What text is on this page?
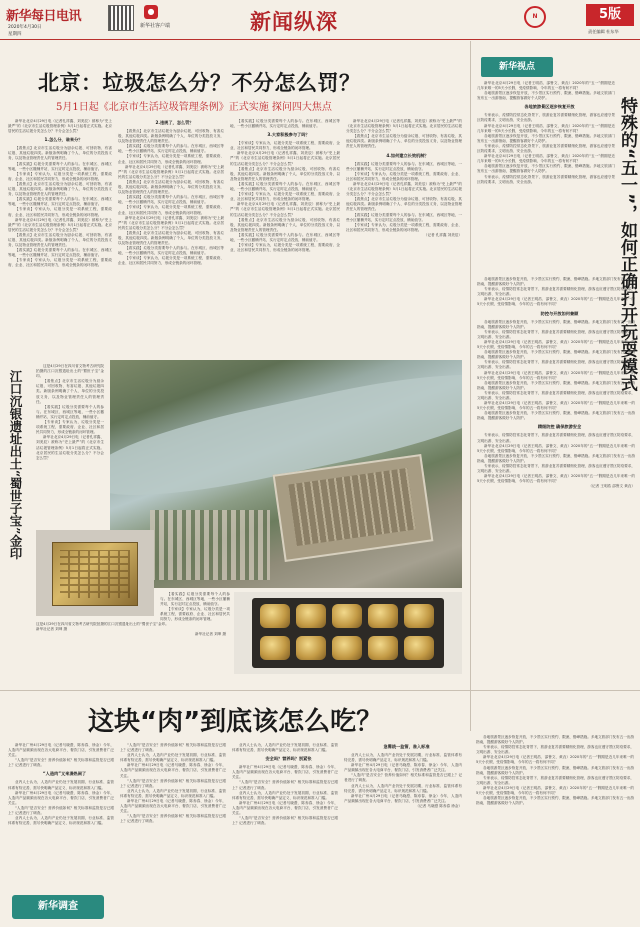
新华每日电讯
2020年4月30日
星期四
新华社客户端
●	新闻纵深	N	5版
责任编辑 杜东华
北京：垃圾怎么分？不分怎么罚？
5月1日起《北京市生活垃圾管理条例》正式实施 探问四大焦点

新华社北京4月29日电（记者孔祥鑫、刘美辰）被称为“史上最严”的《北京市生活垃圾管理条例》5月1日起将正式实施。北京居民的生活垃圾分类怎么分？不分会怎么罚？

1.怎么分，谁来分？

【看焦点】北京市生活垃圾分为厨余垃圾、可回收物、有害垃圾、其他垃圾四类。新版条例明确了个人、单位的分类投放义务，以及物业管理责任人的管理责任。

【看实践】垃圾分类需要每个人的参与。在东城区、西城区等地，一些小区撤桶并站，实行定时定点投放，桶前值守。

【专家谈】专家认为，垃圾分类是一项系统工程，需要政府、企业、社区和居民共同努力，形成全链条的闭环管理。

【看焦点】北京市生活垃圾分为厨余垃圾、可回收物、有害垃圾、其他垃圾四类。新版条例明确了个人、单位的分类投放义务，以及物业管理责任人的管理责任。

【看实践】垃圾分类需要每个人的参与。在东城区、西城区等地，一些小区撤桶并站，实行定时定点投放，桶前值守。

【专家谈】专家认为，垃圾分类是一项系统工程，需要政府、企业、社区和居民共同努力，形成全链条的闭环管理。

新华社北京4月29日电（记者孔祥鑫、刘美辰）被称为“史上最严”的《北京市生活垃圾管理条例》5月1日起将正式实施。北京居民的生活垃圾分类怎么分？不分会怎么罚？

【看焦点】北京市生活垃圾分为厨余垃圾、可回收物、有害垃圾、其他垃圾四类。新版条例明确了个人、单位的分类投放义务，以及物业管理责任人的管理责任。

【看实践】垃圾分类需要每个人的参与。在东城区、西城区等地，一些小区撤桶并站，实行定时定点投放，桶前值守。

【专家谈】专家认为，垃圾分类是一项系统工程，需要政府、企业、社区和居民共同努力，形成全链条的闭环管理。

2.违规了，怎么罚？

【看焦点】北京市生活垃圾分为厨余垃圾、可回收物、有害垃圾、其他垃圾四类。新版条例明确了个人、单位的分类投放义务，以及物业管理责任人的管理责任。

【看实践】垃圾分类需要每个人的参与。在东城区、西城区等地，一些小区撤桶并站，实行定时定点投放，桶前值守。

【专家谈】专家认为，垃圾分类是一项系统工程，需要政府、企业、社区和居民共同努力，形成全链条的闭环管理。

新华社北京4月29日电（记者孔祥鑫、刘美辰）被称为“史上最严”的《北京市生活垃圾管理条例》5月1日起将正式实施。北京居民的生活垃圾分类怎么分？不分会怎么罚？

【看焦点】北京市生活垃圾分为厨余垃圾、可回收物、有害垃圾、其他垃圾四类。新版条例明确了个人、单位的分类投放义务，以及物业管理责任人的管理责任。

【看实践】垃圾分类需要每个人的参与。在东城区、西城区等地，一些小区撤桶并站，实行定时定点投放，桶前值守。

【专家谈】专家认为，垃圾分类是一项系统工程，需要政府、企业、社区和居民共同努力，形成全链条的闭环管理。

新华社北京4月29日电（记者孔祥鑫、刘美辰）被称为“史上最严”的《北京市生活垃圾管理条例》5月1日起将正式实施。北京居民的生活垃圾分类怎么分？不分会怎么罚？

【看焦点】北京市生活垃圾分为厨余垃圾、可回收物、有害垃圾、其他垃圾四类。新版条例明确了个人、单位的分类投放义务，以及物业管理责任人的管理责任。

【看实践】垃圾分类需要每个人的参与。在东城区、西城区等地，一些小区撤桶并站，实行定时定点投放，桶前值守。

【专家谈】专家认为，垃圾分类是一项系统工程，需要政府、企业、社区和居民共同努力，形成全链条的闭环管理。

【看实践】垃圾分类需要每个人的参与。在东城区、西城区等地，一些小区撤桶并站，实行定时定点投放，桶前值守。

3.大家积极参与了吗？

【专家谈】专家认为，垃圾分类是一项系统工程，需要政府、企业、社区和居民共同努力，形成全链条的闭环管理。

新华社北京4月29日电（记者孔祥鑫、刘美辰）被称为“史上最严”的《北京市生活垃圾管理条例》5月1日起将正式实施。北京居民的生活垃圾分类怎么分？不分会怎么罚？

【看焦点】北京市生活垃圾分为厨余垃圾、可回收物、有害垃圾、其他垃圾四类。新版条例明确了个人、单位的分类投放义务，以及物业管理责任人的管理责任。

【看实践】垃圾分类需要每个人的参与。在东城区、西城区等地，一些小区撤桶并站，实行定时定点投放，桶前值守。

【专家谈】专家认为，垃圾分类是一项系统工程，需要政府、企业、社区和居民共同努力，形成全链条的闭环管理。

新华社北京4月29日电（记者孔祥鑫、刘美辰）被称为“史上最严”的《北京市生活垃圾管理条例》5月1日起将正式实施。北京居民的生活垃圾分类怎么分？不分会怎么罚？

【看焦点】北京市生活垃圾分为厨余垃圾、可回收物、有害垃圾、其他垃圾四类。新版条例明确了个人、单位的分类投放义务，以及物业管理责任人的管理责任。

【看实践】垃圾分类需要每个人的参与。在东城区、西城区等地，一些小区撤桶并站，实行定时定点投放，桶前值守。

【专家谈】专家认为，垃圾分类是一项系统工程，需要政府、企业、社区和居民共同努力，形成全链条的闭环管理。

新华社北京4月29日电（记者孔祥鑫、刘美辰）被称为“史上最严”的《北京市生活垃圾管理条例》5月1日起将正式实施。北京居民的生活垃圾分类怎么分？不分会怎么罚？

【看焦点】北京市生活垃圾分为厨余垃圾、可回收物、有害垃圾、其他垃圾四类。新版条例明确了个人、单位的分类投放义务，以及物业管理责任人的管理责任。

4.如何建立长效机制？

【看实践】垃圾分类需要每个人的参与。在东城区、西城区等地，一些小区撤桶并站，实行定时定点投放，桶前值守。

【专家谈】专家认为，垃圾分类是一项系统工程，需要政府、企业、社区和居民共同努力，形成全链条的闭环管理。

新华社北京4月29日电（记者孔祥鑫、刘美辰）被称为“史上最严”的《北京市生活垃圾管理条例》5月1日起将正式实施。北京居民的生活垃圾分类怎么分？不分会怎么罚？

【看焦点】北京市生活垃圾分为厨余垃圾、可回收物、有害垃圾、其他垃圾四类。新版条例明确了个人、单位的分类投放义务，以及物业管理责任人的管理责任。

【看实践】垃圾分类需要每个人的参与。在东城区、西城区等地，一些小区撤桶并站，实行定时定点投放，桶前值守。

【专家谈】专家认为，垃圾分类是一项系统工程，需要政府、企业、社区和居民共同努力，形成全链条的闭环管理。

（记者 孔祥鑫 刘美辰）

江口沉银遗址出土“蜀世子宝”金印

这是4月29日在四川省文物考古研究院拍摄的江口沉银遗址出土的“蜀世子宝”金印。

【看焦点】北京市生活垃圾分为厨余垃圾、可回收物、有害垃圾、其他垃圾四类。新版条例明确了个人、单位的分类投放义务，以及物业管理责任人的管理责任。

【看实践】垃圾分类需要每个人的参与。在东城区、西城区等地，一些小区撤桶并站，实行定时定点投放，桶前值守。

【专家谈】专家认为，垃圾分类是一项系统工程，需要政府、企业、社区和居民共同努力，形成全链条的闭环管理。

新华社北京4月29日电（记者孔祥鑫、刘美辰）被称为“史上最严”的《北京市生活垃圾管理条例》5月1日起将正式实施。北京居民的生活垃圾分类怎么分？不分会怎么罚？

这是4月29日在四川省文物考古研究院拍摄的江口沉银遗址出土的“蜀世子宝”金印。

新华社记者 刘坤 摄

新华社记者 刘坤 摄

【看实践】垃圾分类需要每个人的参与。在东城区、西城区等地，一些小区撤桶并站，实行定时定点投放，桶前值守。

【专家谈】专家认为，垃圾分类是一项系统工程，需要政府、企业、社区和居民共同努力，形成全链条的闭环管理。

新华视点
特殊的“五一”，如何正确打开玩耍模式

新华社北京4月29日电（记者王明浩、邵鲁文、黄垚）2020年的“五一”假期是近几年来唯一的5天小长假，受疫情影响，今年的五一将有何不同？

各地旅游景区逐步恢复开放，不少景区实行预约、限流、错峰措施。多地文旅部门发布五一出游指南，提醒游客做好个人防护。

各地旅游景区逐步恢复开放

专家表示，疫情防控常态化背景下，旅游业复苏需要精细化管理，游客也应遵守景区防疫要求，文明出游、安全出游。

新华社北京4月29日电（记者王明浩、邵鲁文、黄垚）2020年的“五一”假期是近几年来唯一的5天小长假，受疫情影响，今年的五一将有何不同？

各地旅游景区逐步恢复开放，不少景区实行预约、限流、错峰措施。多地文旅部门发布五一出游指南，提醒游客做好个人防护。

专家表示，疫情防控常态化背景下，旅游业复苏需要精细化管理，游客也应遵守景区防疫要求，文明出游、安全出游。

新华社北京4月29日电（记者王明浩、邵鲁文、黄垚）2020年的“五一”假期是近几年来唯一的5天小长假，受疫情影响，今年的五一将有何不同？

各地旅游景区逐步恢复开放，不少景区实行预约、限流、错峰措施。多地文旅部门发布五一出游指南，提醒游客做好个人防护。

专家表示，疫情防控常态化背景下，旅游业复苏需要精细化管理，游客也应遵守景区防疫要求，文明出游、安全出游。

各地旅游景区逐步恢复开放，不少景区实行预约、限流、错峰措施。多地文旅部门发布五一出游指南，提醒游客做好个人防护。

专家表示，疫情防控常态化背景下，旅游业复苏需要精细化管理，游客也应遵守景区防疫要求，文明出游、安全出游。

新华社北京4月29日电（记者王明浩、邵鲁文、黄垚）2020年的“五一”假期是近几年来唯一的5天小长假，受疫情影响，今年的五一将有何不同？

防控与开放如何兼顾

各地旅游景区逐步恢复开放，不少景区实行预约、限流、错峰措施。多地文旅部门发布五一出游指南，提醒游客做好个人防护。

专家表示，疫情防控常态化背景下，旅游业复苏需要精细化管理，游客也应遵守景区防疫要求，文明出游、安全出游。

新华社北京4月29日电（记者王明浩、邵鲁文、黄垚）2020年的“五一”假期是近几年来唯一的5天小长假，受疫情影响，今年的五一将有何不同？

各地旅游景区逐步恢复开放，不少景区实行预约、限流、错峰措施。多地文旅部门发布五一出游指南，提醒游客做好个人防护。

专家表示，疫情防控常态化背景下，旅游业复苏需要精细化管理，游客也应遵守景区防疫要求，文明出游、安全出游。

新华社北京4月29日电（记者王明浩、邵鲁文、黄垚）2020年的“五一”假期是近几年来唯一的5天小长假，受疫情影响，今年的五一将有何不同？

各地旅游景区逐步恢复开放，不少景区实行预约、限流、错峰措施。多地文旅部门发布五一出游指南，提醒游客做好个人防护。

专家表示，疫情防控常态化背景下，旅游业复苏需要精细化管理，游客也应遵守景区防疫要求，文明出游、安全出游。

新华社北京4月29日电（记者王明浩、邵鲁文、黄垚）2020年的“五一”假期是近几年来唯一的5天小长假，受疫情影响，今年的五一将有何不同？

各地旅游景区逐步恢复开放，不少景区实行预约、限流、错峰措施。多地文旅部门发布五一出游指南，提醒游客做好个人防护。

精细防控 确保旅游安全

专家表示，疫情防控常态化背景下，旅游业复苏需要精细化管理，游客也应遵守景区防疫要求，文明出游、安全出游。

新华社北京4月29日电（记者王明浩、邵鲁文、黄垚）2020年的“五一”假期是近几年来唯一的5天小长假，受疫情影响，今年的五一将有何不同？

各地旅游景区逐步恢复开放，不少景区实行预约、限流、错峰措施。多地文旅部门发布五一出游指南，提醒游客做好个人防护。

专家表示，疫情防控常态化背景下，旅游业复苏需要精细化管理，游客也应遵守景区防疫要求，文明出游、安全出游。

新华社北京4月29日电（记者王明浩、邵鲁文、黄垚）2020年的“五一”假期是近几年来唯一的5天小长假，受疫情影响，今年的五一将有何不同？

（记者 王明浩 邵鲁文 黄垚）

这块“肉”到底该怎么吃？

新华社广州4月29日电（记者马晓澄、陈寿春、徐金）今年，人造肉产品频频出现在各大电商平台、餐饮门店，引发消费者广泛关注。

“人造肉”是否安全？营养价值如何？相关标准和监管是否已跟上？记者进行了调查。

“人造肉”又来湊热闹了

业内人士认为，人造肉产业仍处于发展初期，行业标准、监管体系有待完善，需尽快明确产品定义、标识规范和准入门槛。

新华社广州4月29日电（记者马晓澄、陈寿春、徐金）今年，人造肉产品频频出现在各大电商平台、餐饮门店，引发消费者广泛关注。

“人造肉”是否安全？营养价值如何？相关标准和监管是否已跟上？记者进行了调查。

业内人士认为，人造肉产业仍处于发展初期，行业标准、监管体系有待完善，需尽快明确产品定义、标识规范和准入门槛。

新华调查

“人造肉”是否安全？营养价值如何？相关标准和监管是否已跟上？记者进行了调查。

业内人士认为，人造肉产业仍处于发展初期，行业标准、监管体系有待完善，需尽快明确产品定义、标识规范和准入门槛。

新华社广州4月29日电（记者马晓澄、陈寿春、徐金）今年，人造肉产品频频出现在各大电商平台、餐饮门店，引发消费者广泛关注。

“人造肉”是否安全？营养价值如何？相关标准和监管是否已跟上？记者进行了调查。

业内人士认为，人造肉产业仍处于发展初期，行业标准、监管体系有待完善，需尽快明确产品定义、标识规范和准入门槛。

新华社广州4月29日电（记者马晓澄、陈寿春、徐金）今年，人造肉产品频频出现在各大电商平台、餐饮门店，引发消费者广泛关注。

“人造肉”是否安全？营养价值如何？相关标准和监管是否已跟上？记者进行了调查。

业内人士认为，人造肉产业仍处于发展初期，行业标准、监管体系有待完善，需尽快明确产品定义、标识规范和准入门槛。

安全吗？营养吗？别紧张

新华社广州4月29日电（记者马晓澄、陈寿春、徐金）今年，人造肉产品频频出现在各大电商平台、餐饮门店，引发消费者广泛关注。

“人造肉”是否安全？营养价值如何？相关标准和监管是否已跟上？记者进行了调查。

业内人士认为，人造肉产业仍处于发展初期，行业标准、监管体系有待完善，需尽快明确产品定义、标识规范和准入门槛。

新华社广州4月29日电（记者马晓澄、陈寿春、徐金）今年，人造肉产品频频出现在各大电商平台、餐饮门店，引发消费者广泛关注。

“人造肉”是否安全？营养价值如何？相关标准和监管是否已跟上？记者进行了调查。

急需统一监管，准入标准

业内人士认为，人造肉产业仍处于发展初期，行业标准、监管体系有待完善，需尽快明确产品定义、标识规范和准入门槛。

新华社广州4月29日电（记者马晓澄、陈寿春、徐金）今年，人造肉产品频频出现在各大电商平台、餐饮门店，引发消费者广泛关注。

“人造肉”是否安全？营养价值如何？相关标准和监管是否已跟上？记者进行了调查。

业内人士认为，人造肉产业仍处于发展初期，行业标准、监管体系有待完善，需尽快明确产品定义、标识规范和准入门槛。

新华社广州4月29日电（记者马晓澄、陈寿春、徐金）今年，人造肉产品频频出现在各大电商平台、餐饮门店，引发消费者广泛关注。

（记者 马晓澄 陈寿春 徐金）

各地旅游景区逐步恢复开放，不少景区实行预约、限流、错峰措施。多地文旅部门发布五一出游指南，提醒游客做好个人防护。

专家表示，疫情防控常态化背景下，旅游业复苏需要精细化管理，游客也应遵守景区防疫要求，文明出游、安全出游。

新华社北京4月29日电（记者王明浩、邵鲁文、黄垚）2020年的“五一”假期是近几年来唯一的5天小长假，受疫情影响，今年的五一将有何不同？

各地旅游景区逐步恢复开放，不少景区实行预约、限流、错峰措施。多地文旅部门发布五一出游指南，提醒游客做好个人防护。

专家表示，疫情防控常态化背景下，旅游业复苏需要精细化管理，游客也应遵守景区防疫要求，文明出游、安全出游。

新华社北京4月29日电（记者王明浩、邵鲁文、黄垚）2020年的“五一”假期是近几年来唯一的5天小长假，受疫情影响，今年的五一将有何不同？

各地旅游景区逐步恢复开放，不少景区实行预约、限流、错峰措施。多地文旅部门发布五一出游指南，提醒游客做好个人防护。
